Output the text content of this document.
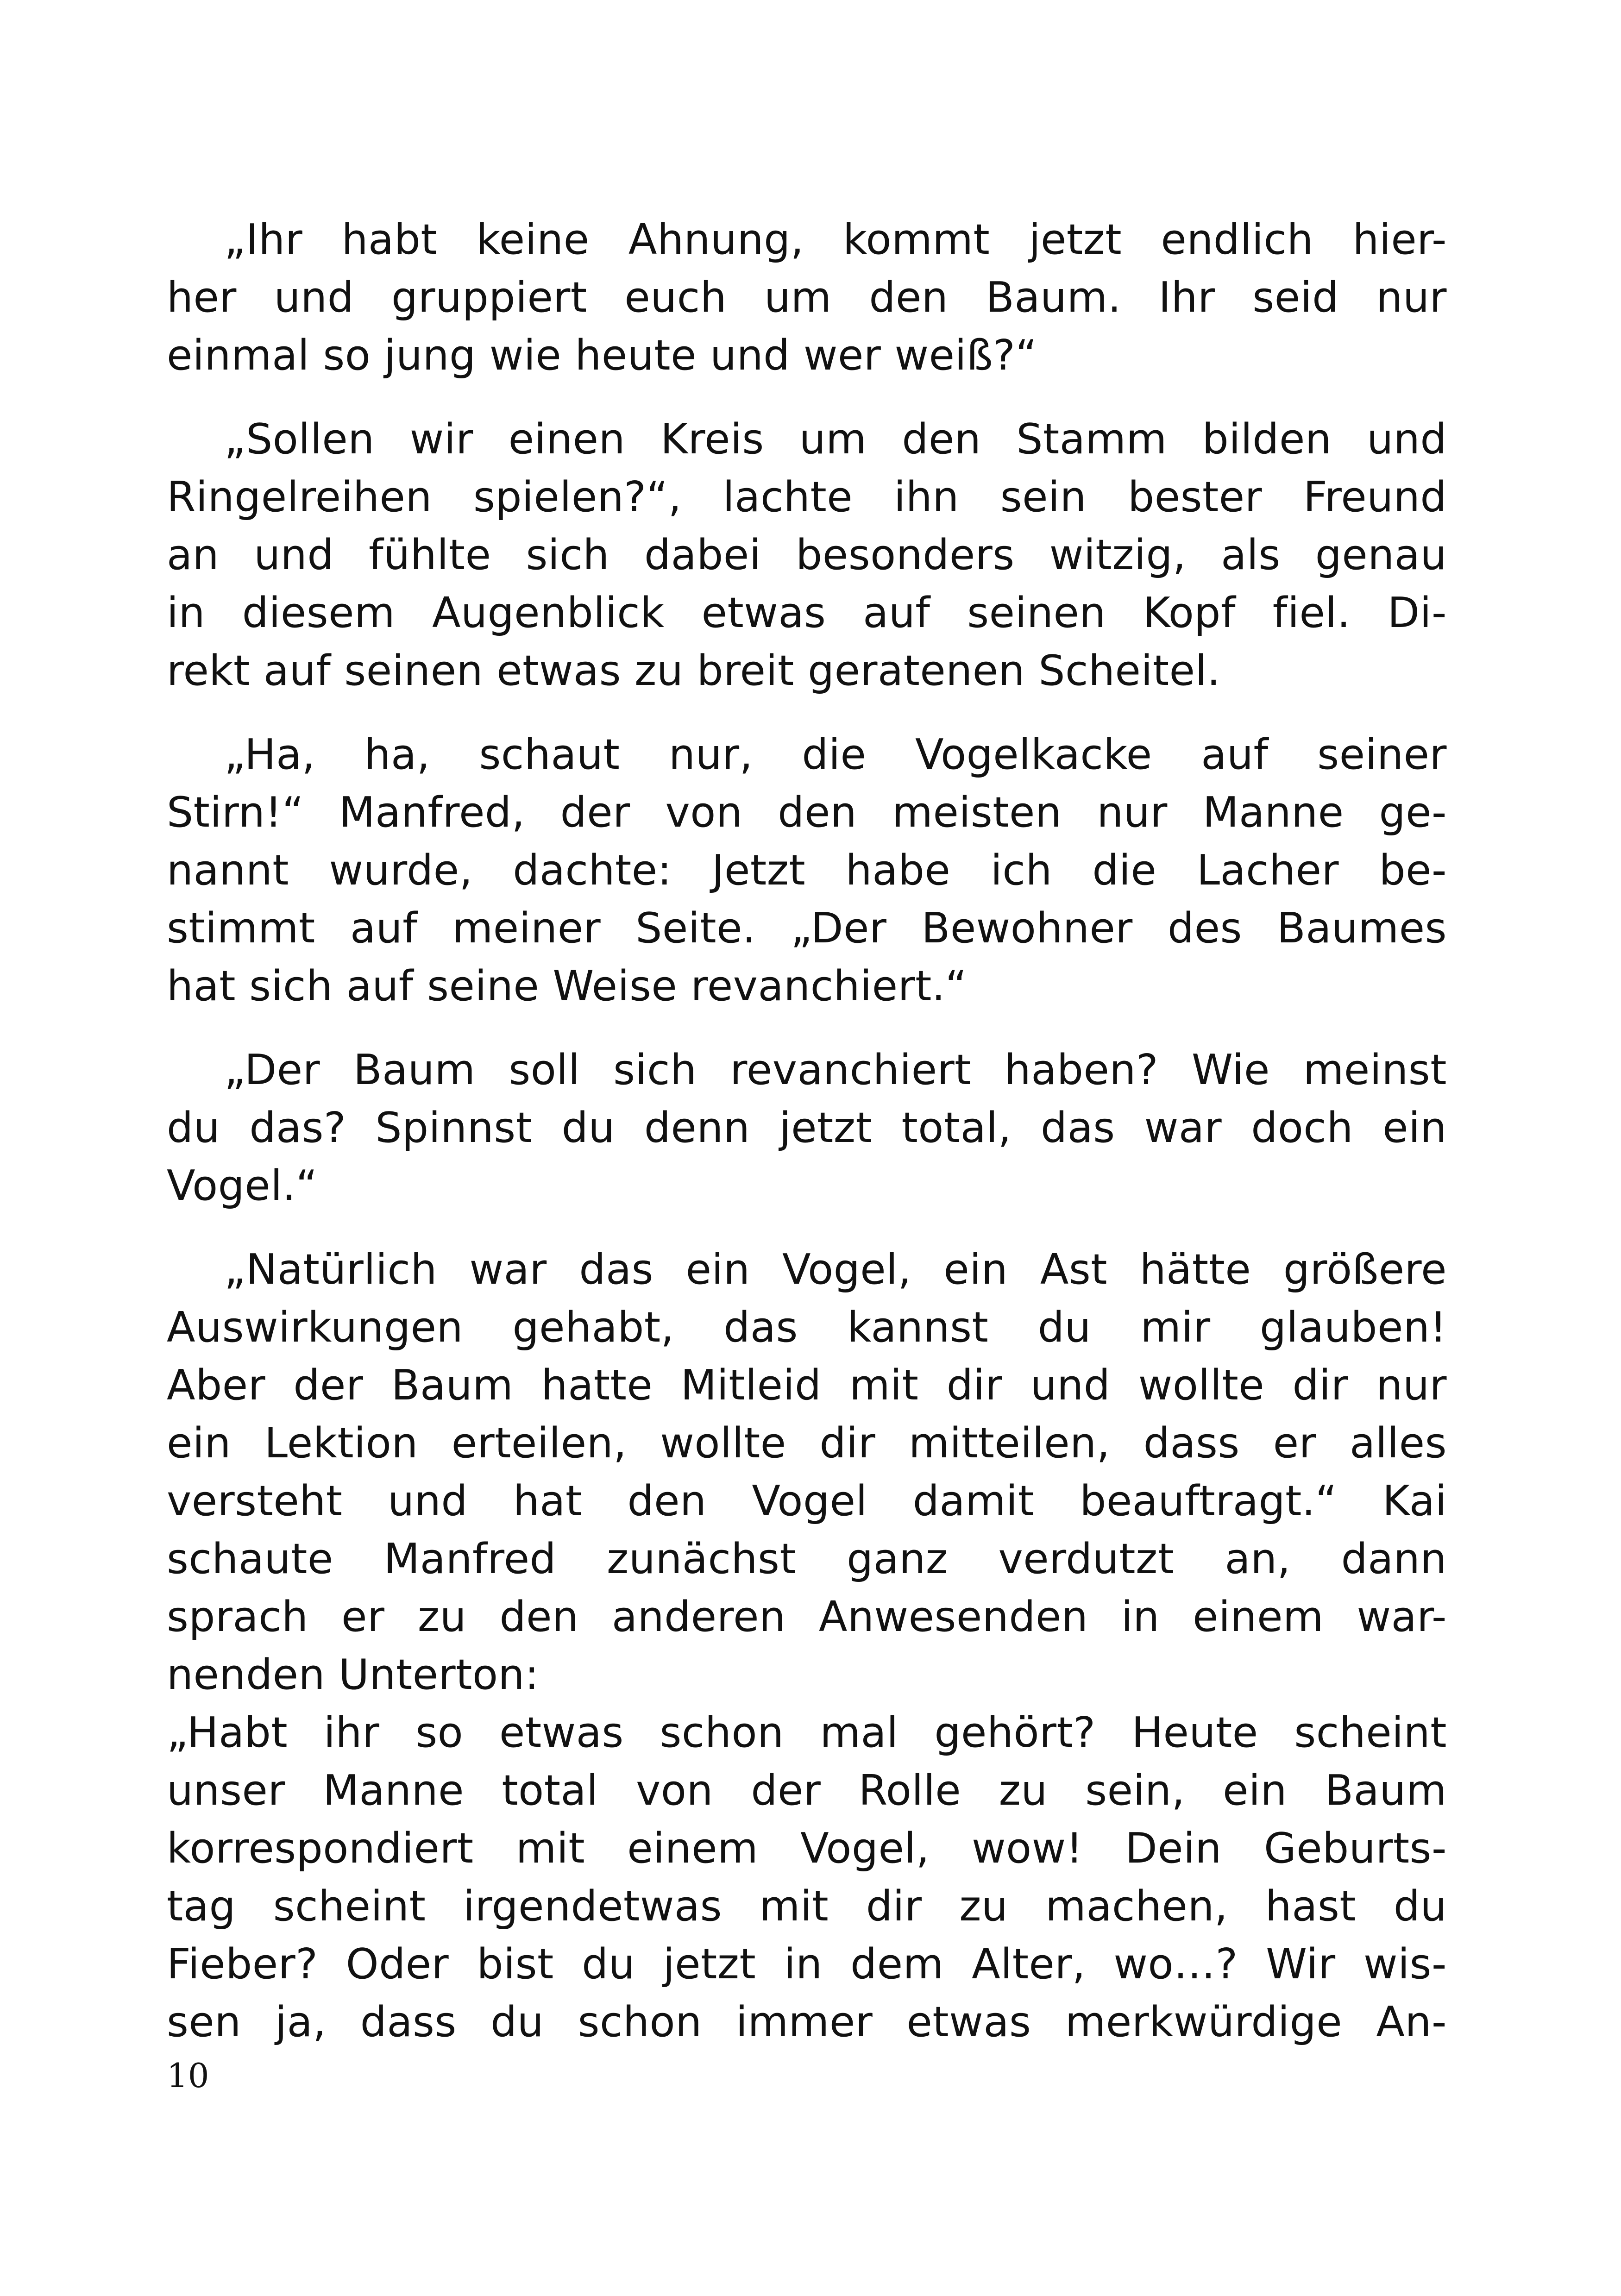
„Ihr habt keine Ahnung, kommt jetzt endlich hier-
her und gruppiert euch um den Baum. Ihr seid nur
einmal so jung wie heute und wer weiß?“
„Sollen wir einen Kreis um den Stamm bilden und
Ringelreihen spielen?“, lachte ihn sein bester Freund
an und fühlte sich dabei besonders witzig, als genau
in diesem Augenblick etwas auf seinen Kopf fiel. Di-
rekt auf seinen etwas zu breit geratenen Scheitel.
„Ha, ha, schaut nur, die Vogelkacke auf seiner
Stirn!“ Manfred, der von den meisten nur Manne ge-
nannt wurde, dachte: Jetzt habe ich die Lacher be-
stimmt auf meiner Seite. „Der Bewohner des Baumes
hat sich auf seine Weise revanchiert.“
„Der Baum soll sich revanchiert haben? Wie meinst
du das? Spinnst du denn jetzt total, das war doch ein
Vogel.“
„Natürlich war das ein Vogel, ein Ast hätte größere
Auswirkungen gehabt, das kannst du mir glauben!
Aber der Baum hatte Mitleid mit dir und wollte dir nur
ein Lektion erteilen, wollte dir mitteilen, dass er alles
versteht und hat den Vogel damit beauftragt.“ Kai
schaute Manfred zunächst ganz verdutzt an, dann
sprach er zu den anderen Anwesenden in einem war-
nenden Unterton:
„Habt ihr so etwas schon mal gehört? Heute scheint
unser Manne total von der Rolle zu sein, ein Baum
korrespondiert mit einem Vogel, wow! Dein Geburts-
tag scheint irgendetwas mit dir zu machen, hast du
Fieber? Oder bist du jetzt in dem Alter, wo…? Wir wis-
sen ja, dass du schon immer etwas merkwürdige An-
10
